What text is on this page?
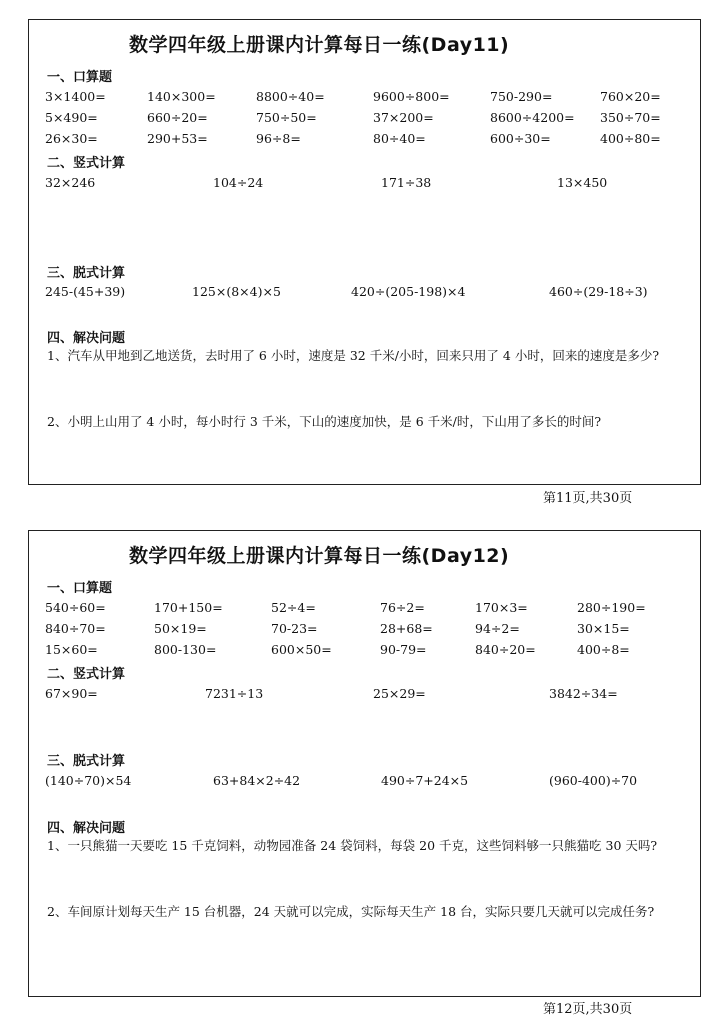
数学四年级上册课内计算每日一练(Day11)
一、口算题
3×1400=	140×300=	8800÷40=	9600÷800=	750-290=	760×20=
5×490=	660÷20=	750÷50=	37×200=	8600÷4200= 350÷70=
26×30=	290+53=	96÷8=	80÷40=	600÷30=	400÷80=
二、竖式计算
32×246	104÷24	171÷38	13×450
三、脱式计算
245-(45+39)	125×(8×4)×5	420÷(205-198)×4	460÷(29-18÷3)
四、解决问题
1、汽车从甲地到乙地送货，去时用了 6 小时，速度是 32 千米/小时，回来只用了 4 小时，回来的速度是多少?
2、小明上山用了 4 小时，每小时行 3 千米，下山的速度加快，是 6 千米/时，下山用了多长的时间?
第11页,共30页
数学四年级上册课内计算每日一练(Day12)
一、口算题
540÷60=	170+150=	52÷4=	76÷2=	170×3=	280÷190=
840÷70=	50×19=	70-23=	28+68=	94÷2=	30×15=
15×60=	800-130=	600×50=	90-79=	840÷20=	400÷8=
二、竖式计算
67×90=	7231÷13	25×29=	3842÷34=
三、脱式计算
(140÷70)×54	63+84×2÷42	490÷7+24×5	(960-400)÷70
四、解决问题
1、一只熊猫一天要吃 15 千克饲料，动物园准备 24 袋饲料，每袋 20 千克，这些饲料够一只熊猫吃 30 天吗?
2、车间原计划每天生产 15 台机器，24 天就可以完成，实际每天生产 18 台，实际只要几天就可以完成任务?
第12页,共30页
